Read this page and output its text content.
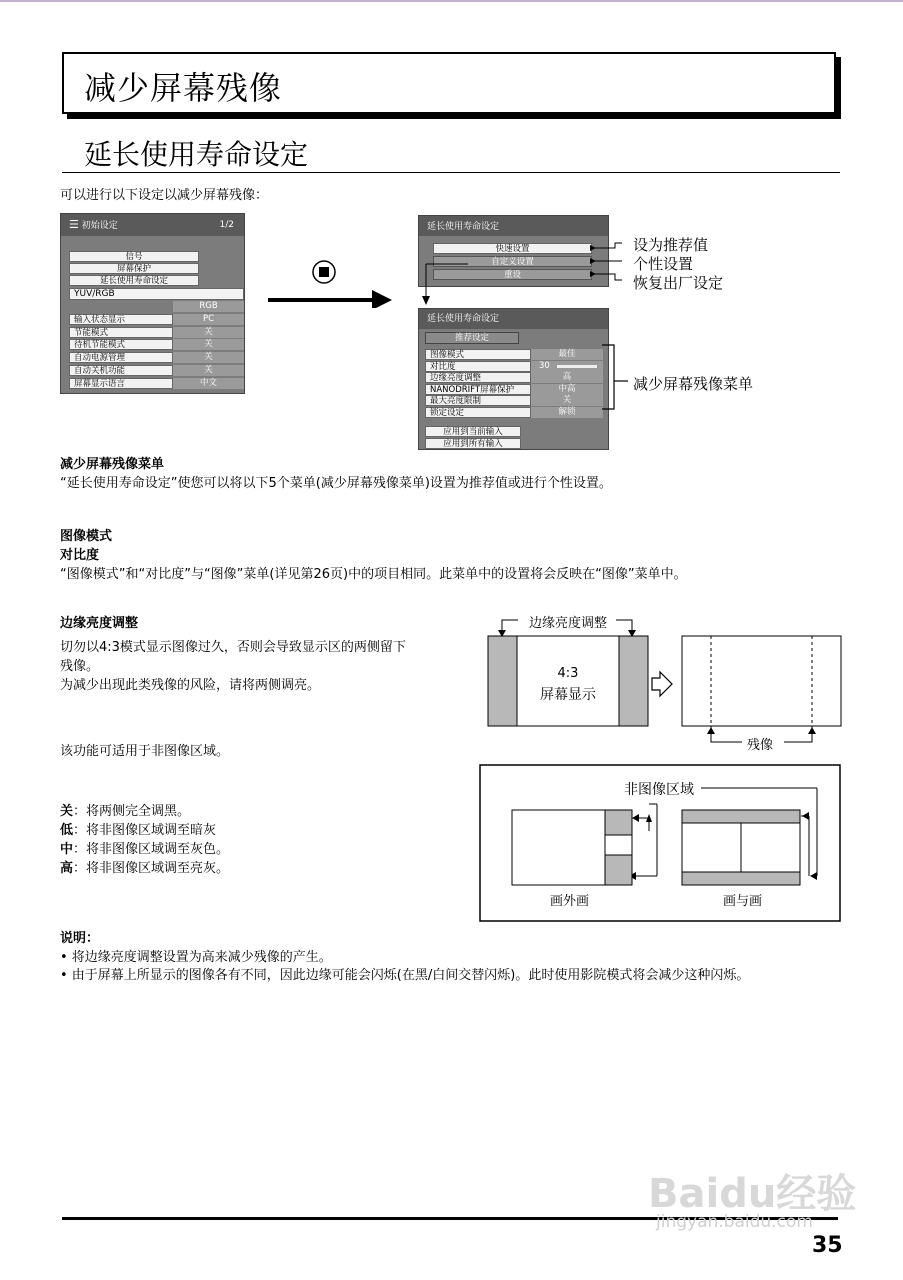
减少屏幕残像
延长使用寿命设定
可以进行以下设定以减少屏幕残像：
☰ 初始设定	1/2
信号
屏幕保护
延长使用寿命设定
YUV/RGB
RGB
输入状态显示	PC
节能模式	关
待机节能模式	关
自动电源管理	关
自动关机功能	关
屏幕显示语言	中文
延长使用寿命设定
快速设置
自定义设置
重设
设为推荐值
个性设置
恢复出厂设定
延长使用寿命设定
推荐设定
图像模式	最佳
对比度	30
边缘亮度调整	高
NANODRIFT屏幕保护	中高
最大亮度限制	关
锁定设定	解锁
应用到当前输入
应用到所有输入
减少屏幕残像菜单
减少屏幕残像菜单
“延长使用寿命设定”使您可以将以下5个菜单(减少屏幕残像菜单)设置为推荐值或进行个性设置。
图像模式
对比度
“图像模式”和“对比度”与“图像”菜单(详见第26页)中的项目相同。此菜单中的设置将会反映在“图像”菜单中。
边缘亮度调整
切勿以4:3模式显示图像过久，否则会导致显示区的两侧留下
残像。
为减少出现此类残像的风险，请将两侧调亮。
该功能可适用于非图像区域。
边缘亮度调整
4:3
屏幕显示
残像
关：将两侧完全调黑。
低：将非图像区域调至暗灰
中：将非图像区域调至灰色。
高：将非图像区域调至亮灰。
非图像区域
画外画	画与画
说明：
• 将边缘亮度调整设置为高来减少残像的产生。
• 由于屏幕上所显示的图像各有不同，因此边缘可能会闪烁(在黑/白间交替闪烁)。此时使用影院模式将会减少这种闪烁。
Baidu经验
jingyan.baidu.com
35
